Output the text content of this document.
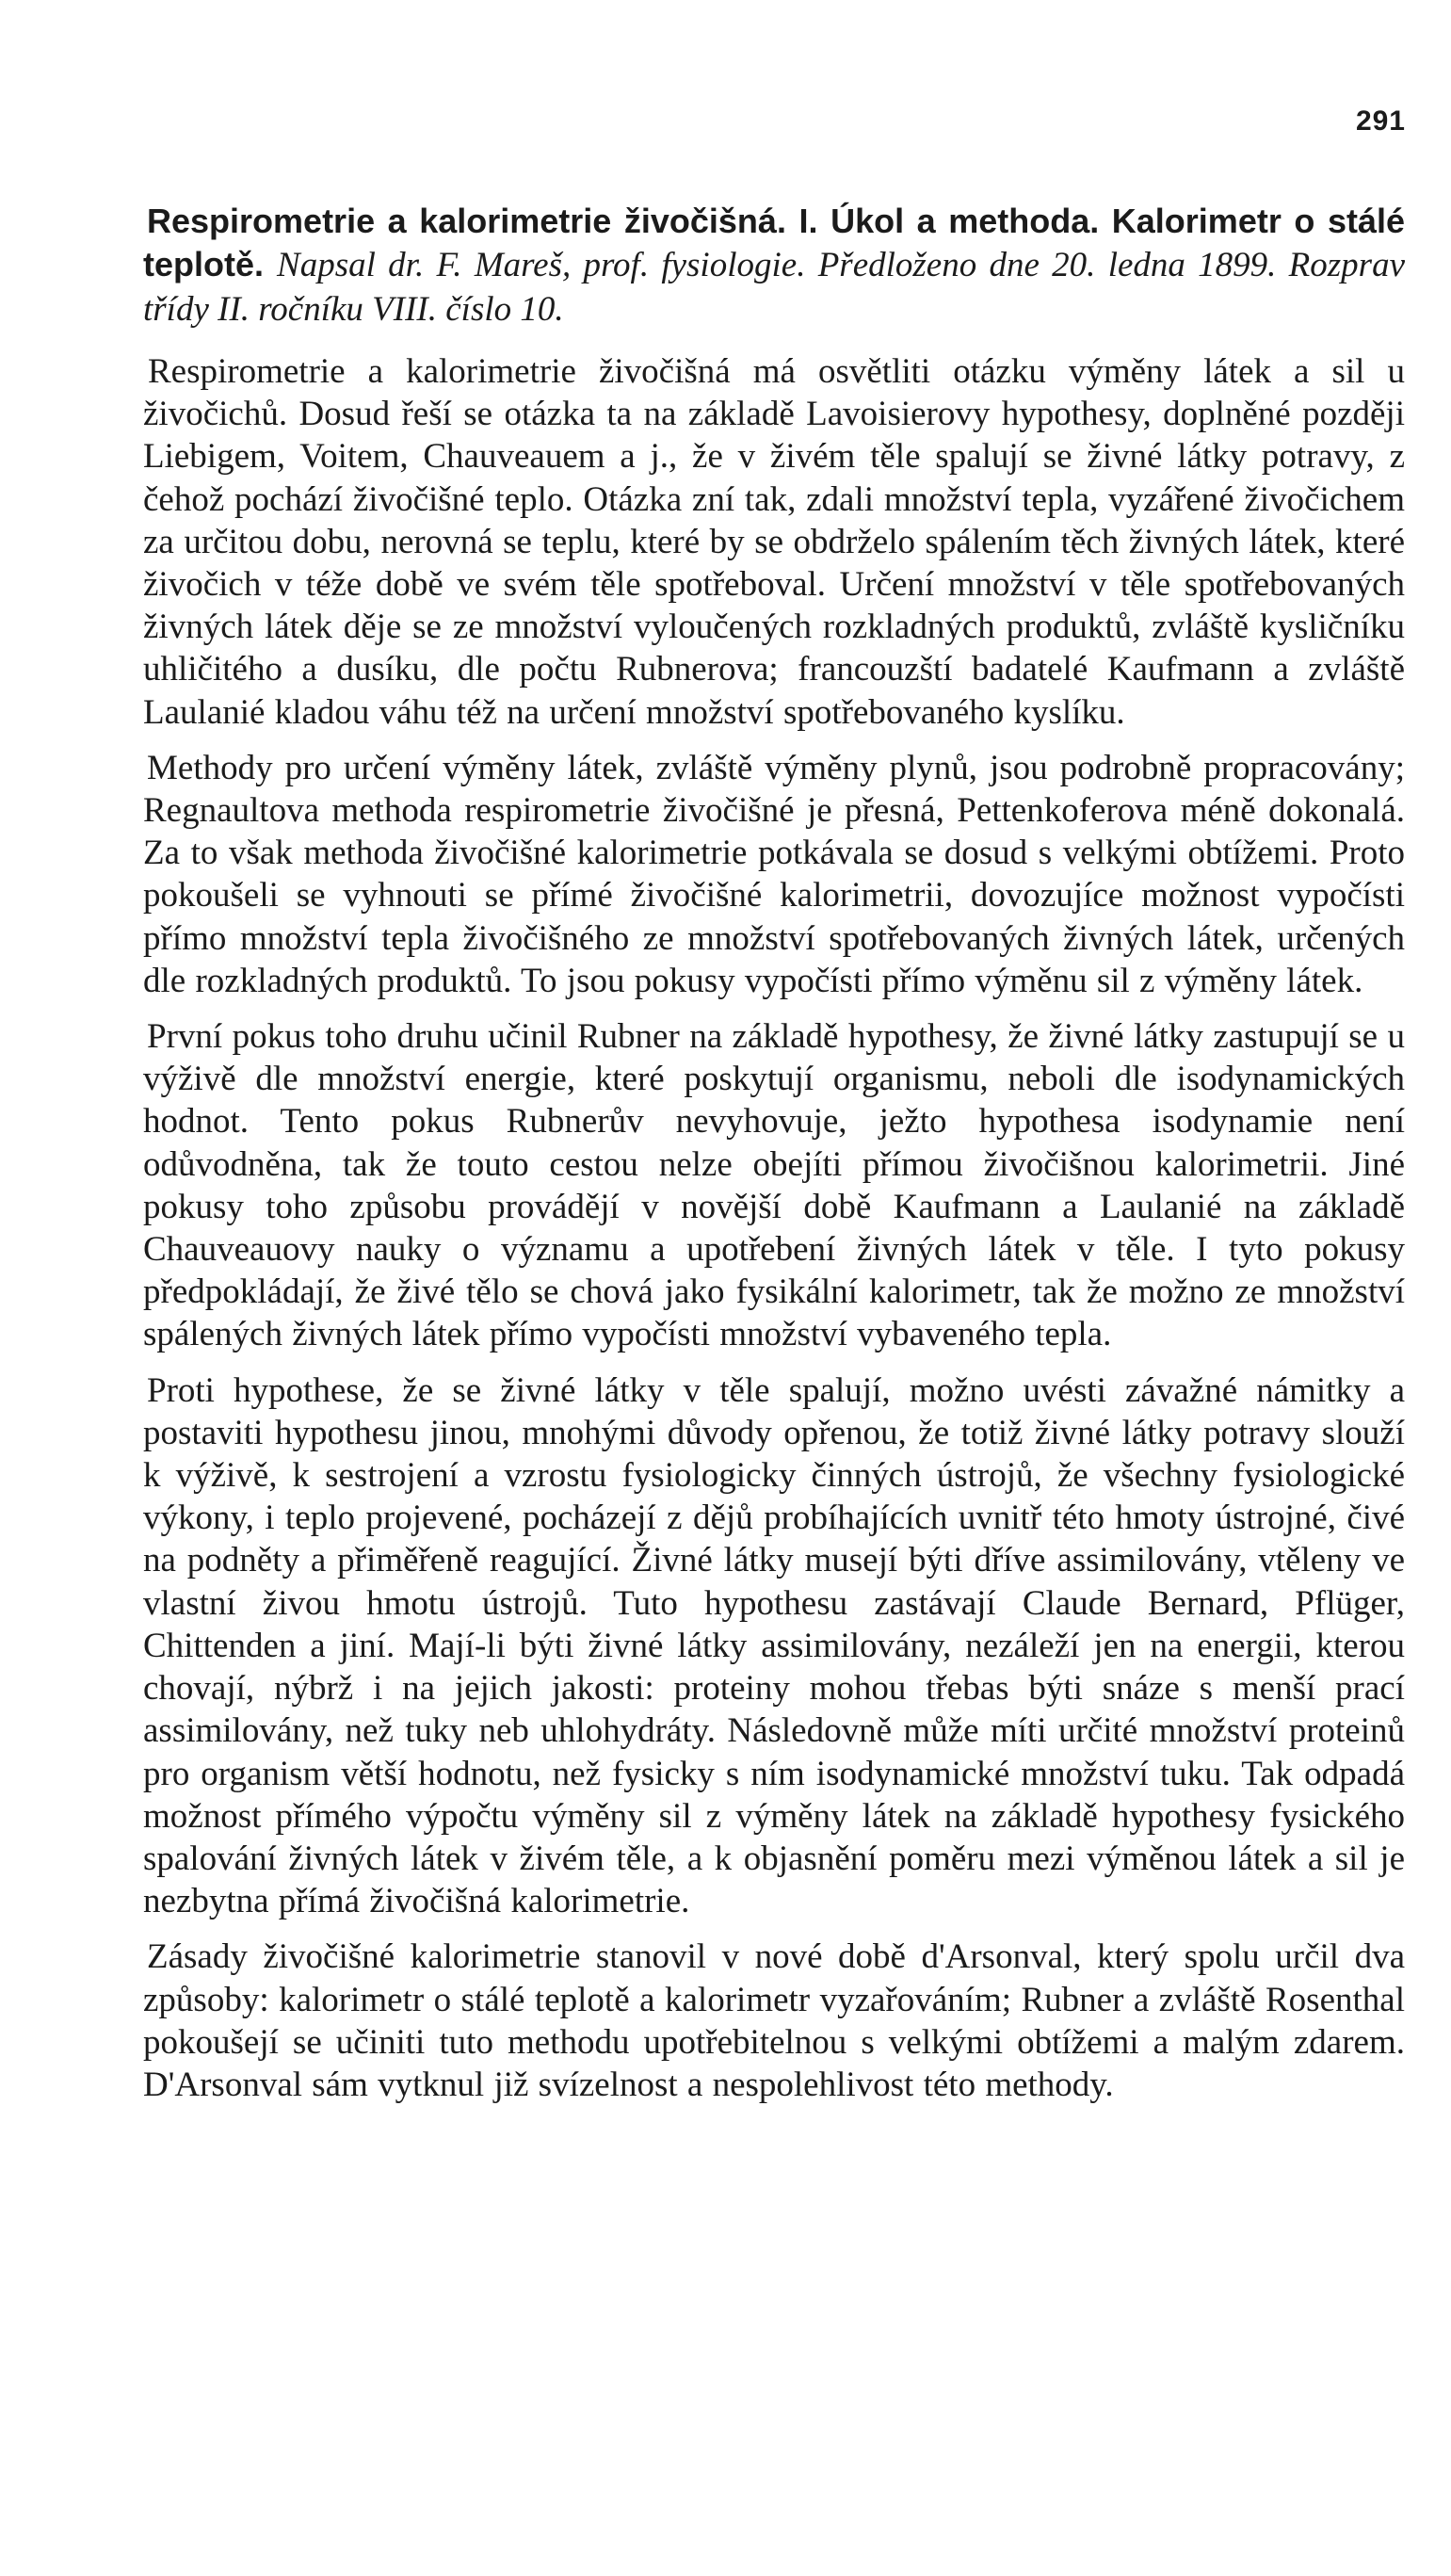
291

Respirometrie a kalorimetrie živočišná. I. Úkol a methoda. Kalorimetr o stálé teplotě. Napsal dr. F. Mareš, prof. fysiologie. Předloženo dne 20. ledna 1899. Rozprav třídy II. ročníku VIII. číslo 10.

Respirometrie a kalorimetrie živočišná má osvětliti otázku výměny látek a sil u živočichů. Dosud řeší se otázka ta na základě Lavoisierovy hypothesy, doplněné později Liebigem, Voitem, Chauveauem a j., že v živém těle spalují se živné látky potravy, z čehož pochází živočišné teplo. Otázka zní tak, zdali množství tepla, vyzářené živočichem za určitou dobu, nerovná se teplu, které by se obdrželo spálením těch živných látek, které živočich v téže době ve svém těle spotřeboval. Určení množství v těle spotřebovaných živných látek děje se ze množství vyloučených rozkladných produktů, zvláště kysličníku uhličitého a dusíku, dle počtu Rubnerova; francouzští badatelé Kaufmann a zvláště Laulanié kladou váhu též na určení množství spotřebovaného kyslíku.

Methody pro určení výměny látek, zvláště výměny plynů, jsou podrobně propracovány; Regnaultova methoda respirometrie živočišné je přesná, Pettenkoferova méně dokonalá. Za to však methoda živočišné kalorimetrie potkávala se dosud s velkými obtížemi. Proto pokoušeli se vyhnouti se přímé živočišné kalorimetrii, dovozujíce možnost vypočísti přímo množství tepla živočišného ze množství spotřebovaných živných látek, určených dle rozkladných produktů. To jsou pokusy vypočísti přímo výměnu sil z výměny látek.

První pokus toho druhu učinil Rubner na základě hypothesy, že živné látky zastupují se u výživě dle množství energie, které poskytují organismu, neboli dle isodynamických hodnot. Tento pokus Rubnerův nevyhovuje, ježto hypothesa isodynamie není odůvodněna, tak že touto cestou nelze obejíti přímou živočišnou kalorimetrii. Jiné pokusy toho způsobu provádějí v novější době Kaufmann a Laulanié na základě Chauveauovy nauky o významu a upotřebení živných látek v těle. I tyto pokusy předpokládají, že živé tělo se chová jako fysikální kalorimetr, tak že možno ze množství spálených živných látek přímo vypočísti množství vybaveného tepla.

Proti hypothese, že se živné látky v těle spalují, možno uvésti závažné námitky a postaviti hypothesu jinou, mnohými důvody opřenou, že totiž živné látky potravy slouží k výživě, k sestrojení a vzrostu fysiologicky činných ústrojů, že všechny fysiologické výkony, i teplo projevené, pocházejí z dějů probíhajících uvnitř této hmoty ústrojné, čivé na podněty a přiměřeně reagující. Živné látky musejí býti dříve assimilovány, vtěleny ve vlastní živou hmotu ústrojů. Tuto hypothesu zastávají Claude Bernard, Pflüger, Chittenden a jiní. Mají-li býti živné látky assimilovány, nezáleží jen na energii, kterou chovají, nýbrž i na jejich jakosti: proteiny mohou třebas býti snáze s menší prací assimilovány, než tuky neb uhlohydráty. Následovně může míti určité množství proteinů pro organism větší hodnotu, než fysicky s ním isodynamické množství tuku. Tak odpadá možnost přímého výpočtu výměny sil z výměny látek na základě hypothesy fysického spalování živných látek v živém těle, a k objasnění poměru mezi výměnou látek a sil je nezbytna přímá živočišná kalorimetrie.

Zásady živočišné kalorimetrie stanovil v nové době d'Arsonval, který spolu určil dva způsoby: kalorimetr o stálé teplotě a kalorimetr vyzařováním; Rubner a zvláště Rosenthal pokoušejí se učiniti tuto methodu upotřebitelnou s velkými obtížemi a malým zdarem. D'Arsonval sám vytknul již svízelnost a nespolehlivost této methody.
